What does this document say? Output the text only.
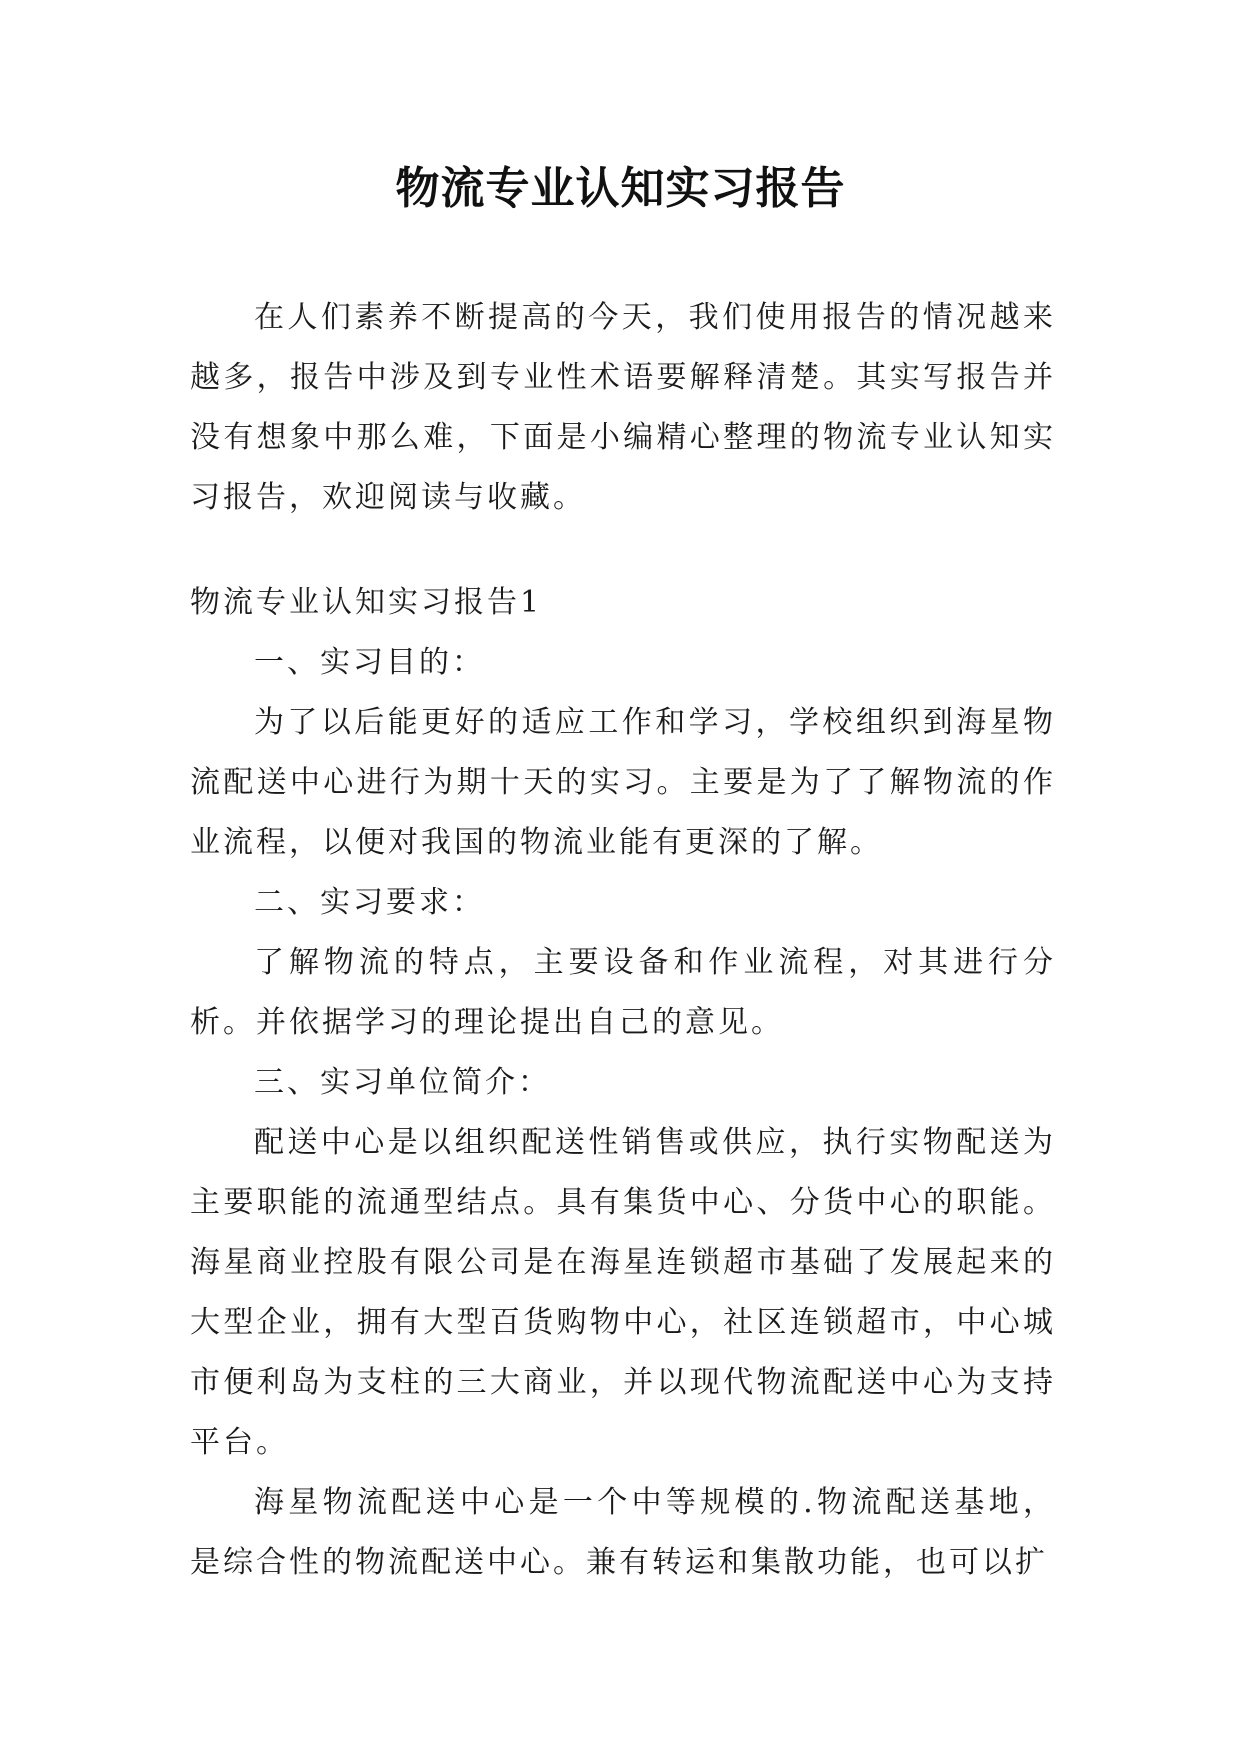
物流专业认知实习报告

在人们素养不断提高的今天，我们使用报告的情况越来越多，报告中涉及到专业性术语要解释清楚。其实写报告并没有想象中那么难，下面是小编精心整理的物流专业认知实习报告，欢迎阅读与收藏。

物流专业认知实习报告1

一、实习目的：

为了以后能更好的适应工作和学习，学校组织到海星物流配送中心进行为期十天的实习。主要是为了了解物流的作业流程，以便对我国的物流业能有更深的了解。

二、实习要求：

了解物流的特点，主要设备和作业流程，对其进行分析。并依据学习的理论提出自己的意见。

三、实习单位简介：

配送中心是以组织配送性销售或供应，执行实物配送为主要职能的流通型结点。具有集货中心、分货中心的职能。海星商业控股有限公司是在海星连锁超市基础了发展起来的大型企业，拥有大型百货购物中心，社区连锁超市，中心城市便利岛为支柱的三大商业，并以现代物流配送中心为支持平台。

海星物流配送中心是一个中等规模的.物流配送基地，是综合性的物流配送中心。兼有转运和集散功能，也可以扩
